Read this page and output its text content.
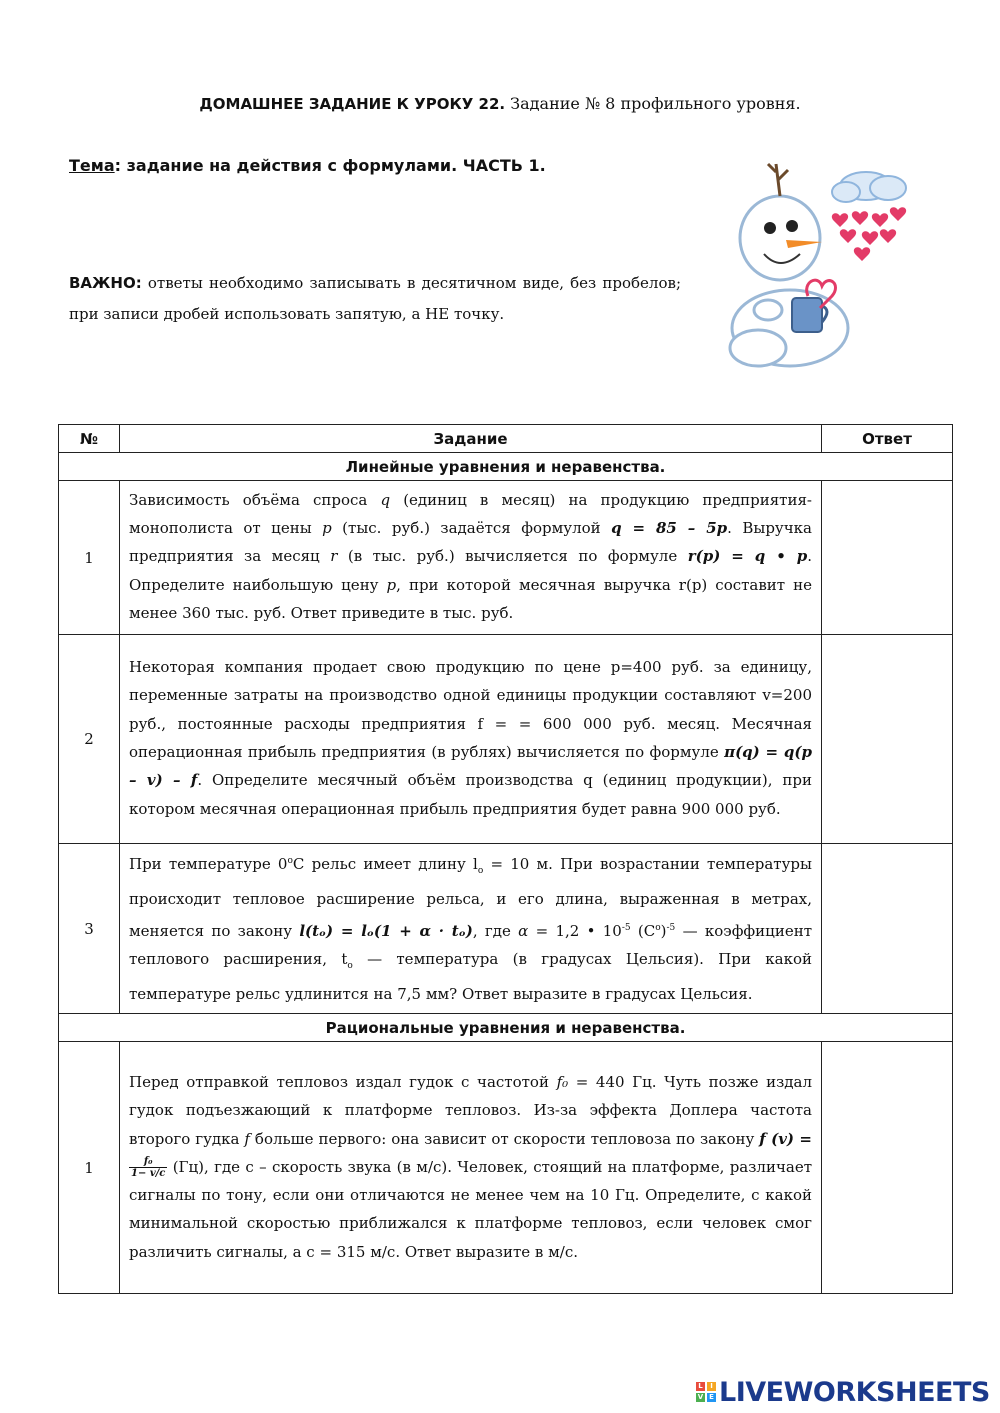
ДОМАШНЕЕ ЗАДАНИЕ К УРОКУ 22. Задание № 8 профильного уровня.
Тема: задание на действия с формулами. ЧАСТЬ 1.
ВАЖНО: ответы необходимо записывать в десятичном виде, без пробелов; при записи дробей использовать запятую, а НЕ точку.
№	Задание	Ответ
Линейные уравнения и неравенства.		
1	Зависимость объёма спроса q (единиц в месяц) на продукцию предприятия-монополиста от цены p (тыс. руб.) задаётся формулой q = 85 – 5p. Выручка предприятия за месяц r (в тыс. руб.) вычисляется по формуле r(p) = q • p. Определите наибольшую цену p, при которой месячная выручка r(p) составит не менее 360 тыс. руб. Ответ приведите в тыс. руб.	
2	Некоторая компания продает свою продукцию по цене p=400 руб. за единицу, переменные затраты на производство одной единицы продукции составляют v=200 руб., постоянные расходы предприятия f = = 600 000 руб. месяц. Месячная операционная прибыль предприятия (в рублях) вычисляется по формуле π(q) = q(p – v) – f. Определите месячный объём производства q (единиц продукции), при котором месячная операционная прибыль предприятия будет равна 900 000 руб.	
3	При температуре $0^оС$ рельс имеет длину $l_о = 10$ м. При возрастании температуры происходит тепловое расширение рельса, и его длина, выраженная в метрах, меняется по закону l(tₒ) = lₒ(1 + α · tₒ), где α = 1,2 • $10^{-5}$ $(С^о)^{-5}$ — коэффициент теплового расширения, $t_о$ — температура (в градусах Цельсия). При какой температуре рельс удлинится на 7,5 мм? Ответ выразите в градусах Цельсия.	
Рациональные уравнения и неравенства.		
1	Перед отправкой тепловоз издал гудок с частотой f₀ = 440 Гц. Чуть позже издал гудок подъезжающий к платформе тепловоз. Из-за эффекта Доплера частота второго гудка f больше первого: она зависит от скорости тепловоза по закону f (v) =
$\frac{\text{f₀}}{1- v/c} (Гц)$, где с – скорость звука (в м/с). Человек, стоящий на платформе, различает сигналы по тону, если они отличаются не менее чем на 10 Гц. Определите, с какой минимальной скоростью приближался к платформе тепловоз, если человек смог различить сигналы, а с = 315 м/с. Ответ выразите в м/с.	
L	I
V E LIVEWORKSHEETS
